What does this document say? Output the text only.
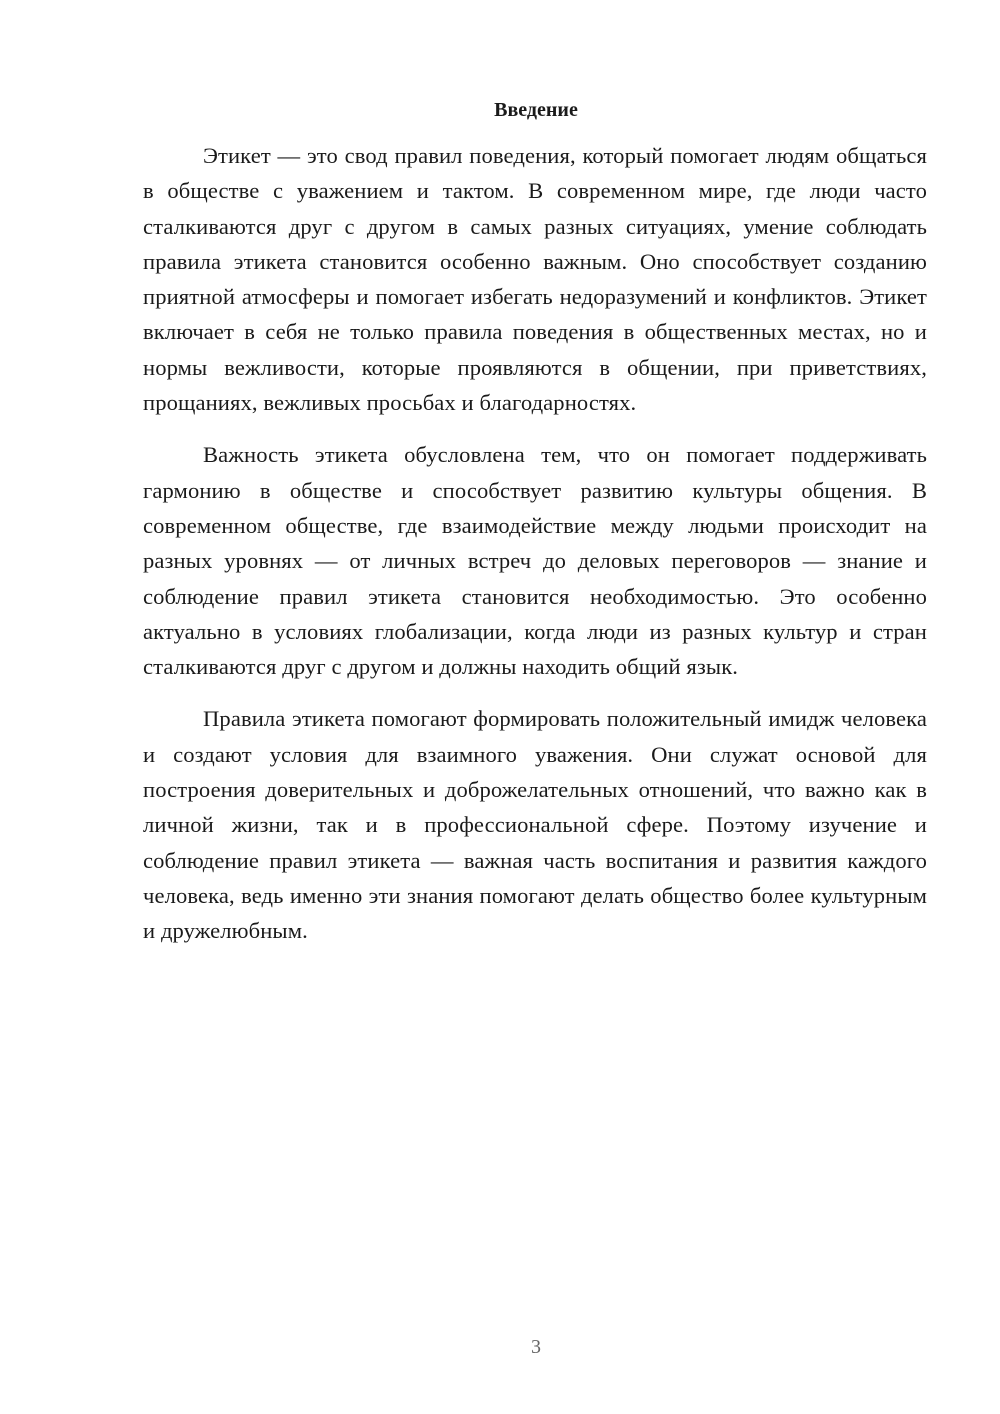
Введение

Этикет — это свод правил поведения, который помогает людям общаться в обществе с уважением и тактом. В современном мире, где люди часто сталкиваются друг с другом в самых разных ситуациях, умение соблюдать правила этикета становится особенно важным. Оно способствует созданию приятной атмосферы и помогает избегать недоразумений и конфликтов. Этикет включает в себя не только правила поведения в общественных местах, но и нормы вежливости, которые проявляются в общении, при приветствиях, прощаниях, вежливых просьбах и благодарностях.

Важность этикета обусловлена тем, что он помогает поддерживать гармонию в обществе и способствует развитию культуры общения. В современном обществе, где взаимодействие между людьми происходит на разных уровнях — от личных встреч до деловых переговоров — знание и соблюдение правил этикета становится необходимостью. Это особенно актуально в условиях глобализации, когда люди из разных культур и стран сталкиваются друг с другом и должны находить общий язык.

Правила этикета помогают формировать положительный имидж человека и создают условия для взаимного уважения. Они служат основой для построения доверительных и доброжелательных отношений, что важно как в личной жизни, так и в профессиональной сфере. Поэтому изучение и соблюдение правил этикета — важная часть воспитания и развития каждого человека, ведь именно эти знания помогают делать общество более культурным и дружелюбным.

3
